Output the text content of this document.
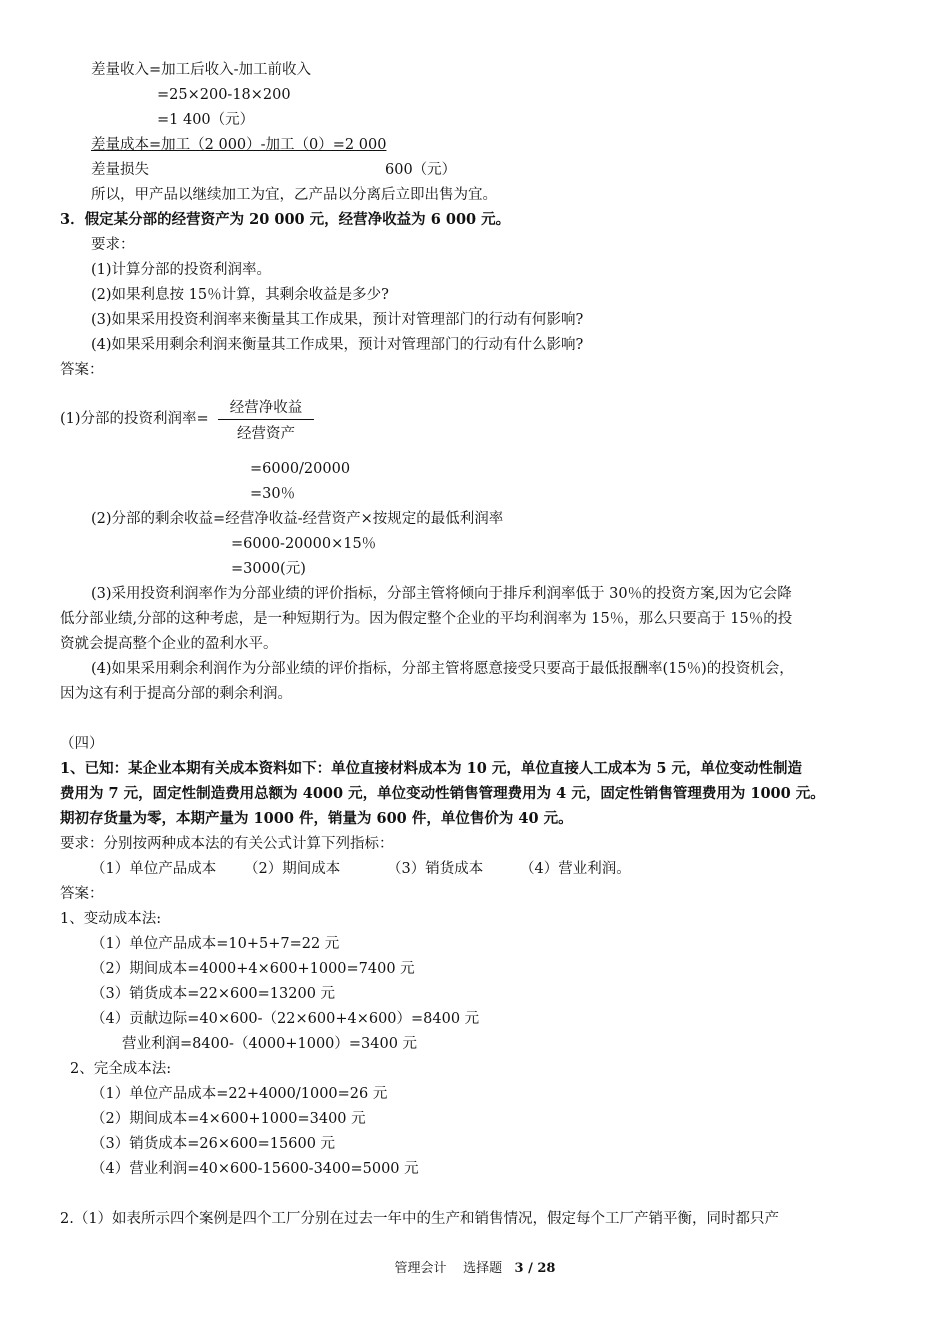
差量收入=加工后收入-加工前收入
=25×200-18×200
=1 400（元）
差量成本=加工（2 000）-加工（0）=2 000
差量损失	600（元）
所以，甲产品以继续加工为宜，乙产品以分离后立即出售为宜。
3．假定某分部的经营资产为 20 000 元，经营净收益为 6 000 元。
要求：
(1)计算分部的投资利润率。
(2)如果利息按 15％计算，其剩余收益是多少?
(3)如果采用投资利润率来衡量其工作成果，预计对管理部门的行动有何影响?
(4)如果采用剩余利润来衡量其工作成果，预计对管理部门的行动有什么影响?
答案：
(1)分部的投资利润率=
经营净收益
经营资产
=6000/20000
=30％
(2)分部的剩余收益=经营净收益-经营资产×按规定的最低利润率
=6000-20000×15％
=3000(元)
(3)采用投资利润率作为分部业绩的评价指标，分部主管将倾向于排斥利润率低于 30％的投资方案,因为它会降
低分部业绩,分部的这种考虑，是一种短期行为。因为假定整个企业的平均利润率为 15％，那么只要高于 15％的投
资就会提高整个企业的盈利水平。
(4)如果采用剩余利润作为分部业绩的评价指标，分部主管将愿意接受只要高于最低报酬率(15％)的投资机会，
因为这有利于提高分部的剩余利润。
（四）
1、已知：某企业本期有关成本资料如下：单位直接材料成本为 10 元，单位直接人工成本为 5 元，单位变动性制造
费用为 7 元，固定性制造费用总额为 4000 元，单位变动性销售管理费用为 4 元，固定性销售管理费用为 1000 元。
期初存货量为零，本期产量为 1000 件，销量为 600 件，单位售价为 40 元。
要求：分别按两种成本法的有关公式计算下列指标：
（1）单位产品成本 （2）期间成本	（3）销货成本	（4）营业利润。
答案：
1、变动成本法:
（1）单位产品成本=10+5+7=22 元
（2）期间成本=4000+4×600+1000=7400 元
（3）销货成本=22×600=13200 元
（4）贡献边际=40×600-（22×600+4×600）=8400 元
营业利润=8400-（4000+1000）=3400 元
2、完全成本法:
（1）单位产品成本=22+4000/1000=26 元
（2）期间成本=4×600+1000=3400 元
（3）销货成本=26×600=15600 元
（4）营业利润=40×600-15600-3400=5000 元
2.（1）如表所示四个案例是四个工厂分别在过去一年中的生产和销售情况，假定每个工厂产销平衡，同时都只产
管理会计 选择题 3 / 28
